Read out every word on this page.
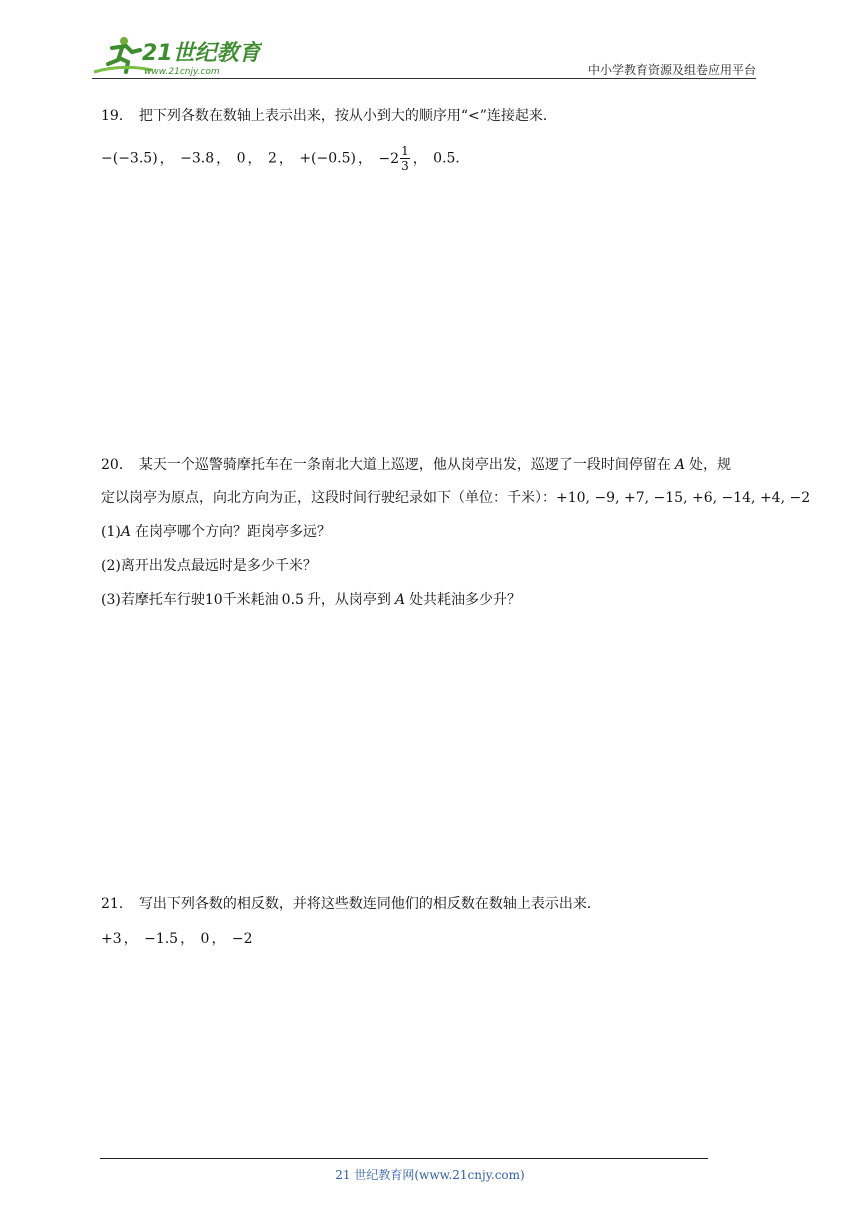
21世纪教育
www.21cnjy.com	中小学教育资源及组卷应用平台
19． 把下列各数在数轴上表示出来，按从小到大的顺序用“<”连接起来．
−(−3.5) ， −3.8 ， 0 ， 2 ， +(−0.5) ， $-2 \frac{1}{3}$ ， 0.5．
20． 某天一个巡警骑摩托车在一条南北大道上巡逻，他从岗亭出发，巡逻了一段时间停留在 A 处，规
定以岗亭为原点，向北方向为正，这段时间行驶纪录如下（单位：千米）：+10, −9, +7, −15, +6, −14, +4, −2
(1)A 在岗亭哪个方向？距岗亭多远？
(2)离开出发点最远时是多少千米？
(3)若摩托车行驶10千米耗油 0.5 升，从岗亭到 A 处共耗油多少升？
21． 写出下列各数的相反数，并将这些数连同他们的相反数在数轴上表示出来．
+3 ， −1.5 ， 0 ， −2
21 世纪教育网(www.21cnjy.com)
